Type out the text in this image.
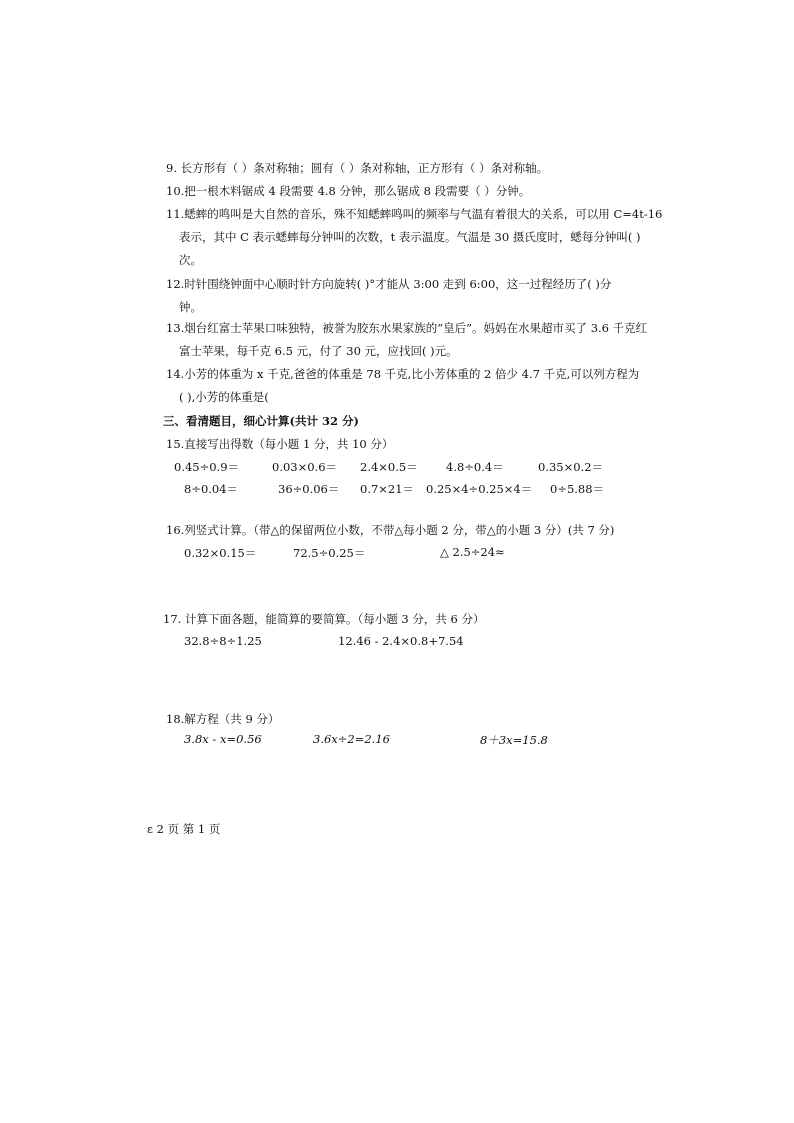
9. 长方形有（ ）条对称轴；圆有（ ）条对称轴，正方形有（ ）条对称轴。
10.把一根木料锯成 4 段需要 4.8 分钟，那么锯成 8 段需要（ ）分钟。
11.蟋蟀的鸣叫是大自然的音乐，殊不知蟋蟀鸣叫的频率与气温有着很大的关系，可以用 C=4t-16
表示，其中 C 表示蟋蟀每分钟叫的次数，t 表示温度。气温是 30 摄氏度时，蟋每分钟叫( )
次。
12.时针围绕钟面中心顺时针方向旋转( )°才能从 3:00 走到 6:00，这一过程经历了( )分
钟。
13.烟台红富士苹果口味独特，被誉为胶东水果家族的“皇后”。妈妈在水果超市买了 3.6 千克红
富士苹果，每千克 6.5 元，付了 30 元，应找回( )元。
14.小芳的体重为 x 千克,爸爸的体重是 78 千克,比小芳体重的 2 倍少 4.7 千克,可以列方程为
( ),小芳的体重是(
三、看清题目，细心计算(共计 32 分)
15.直接写出得数（每小题 1 分，共 10 分）
0.45÷0.9＝	0.03×0.6＝ 2.4×0.5＝ 4.8÷0.4＝	0.35×0.2＝
8÷0.04＝	36÷0.06＝ 0.7×21＝ 0.25×4÷0.25×4＝ 0÷5.88＝
16.列竖式计算。（带△的保留两位小数，不带△每小题 2 分，带△的小题 3 分）(共 7 分)
0.32×0.15＝	72.5÷0.25＝	△ 2.5÷24≈
17. 计算下面各题，能简算的要简算。（每小题 3 分，共 6 分）
32.8÷8÷1.25	12.46 - 2.4×0.8+7.54
18.解方程（共 9 分）
3.8x - x=0.56	3.6x÷2=2.16	8＋3x=15.8
ε 2 页 第 1 页
